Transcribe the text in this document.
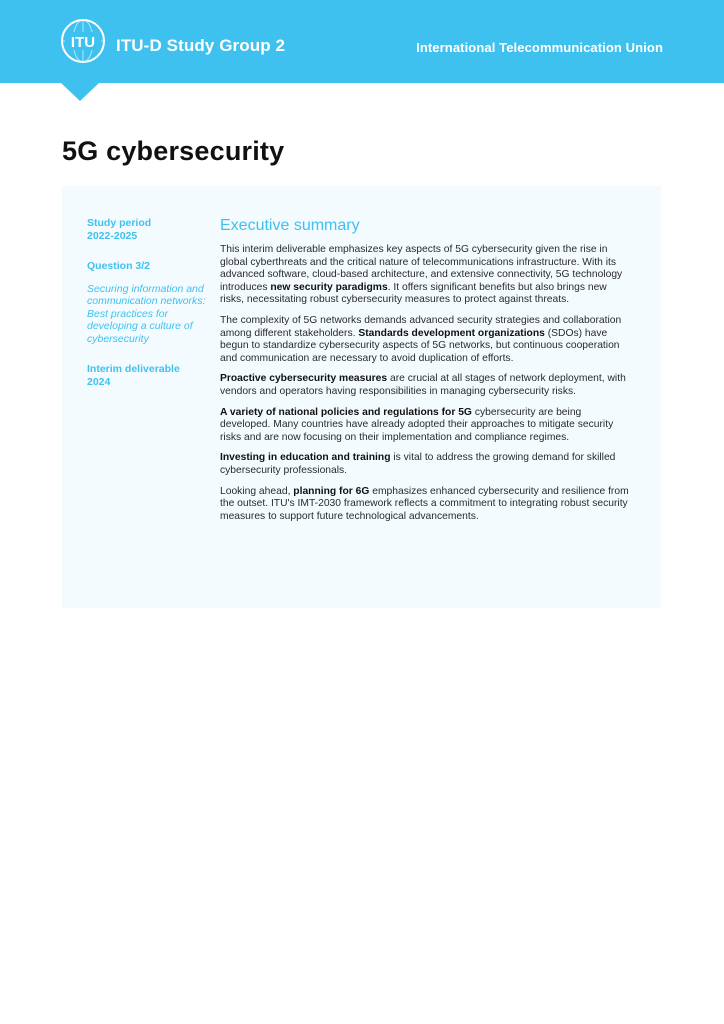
ITU ITU-D Study Group 2	International Telecommunication Union
5G cybersecurity
Study period
2022-2025
Question 3/2
Securing information and communication networks: Best practices for developing a culture of cybersecurity
Interim deliverable
2024
Executive summary

This interim deliverable emphasizes key aspects of 5G cybersecurity given the rise in global cyberthreats and the critical nature of telecommunications infrastructure. With its advanced software, cloud-based architecture, and extensive connectivity, 5G technology introduces new security paradigms. It offers significant benefits but also brings new risks, necessitating robust cybersecurity measures to protect against threats.

The complexity of 5G networks demands advanced security strategies and collaboration among different stakeholders. Standards development organizations (SDOs) have begun to standardize cybersecurity aspects of 5G networks, but continuous cooperation and communication are necessary to avoid duplication of efforts.

Proactive cybersecurity measures are crucial at all stages of network deployment, with vendors and operators having responsibilities in managing cybersecurity risks.

A variety of national policies and regulations for 5G cybersecurity are being developed. Many countries have already adopted their approaches to mitigate security risks and are now focusing on their implementation and compliance regimes.

Investing in education and training is vital to address the growing demand for skilled cybersecurity professionals.

Looking ahead, planning for 6G emphasizes enhanced cybersecurity and resilience from the outset. ITU's IMT-2030 framework reflects a commitment to integrating robust security measures to support future technological advancements.
